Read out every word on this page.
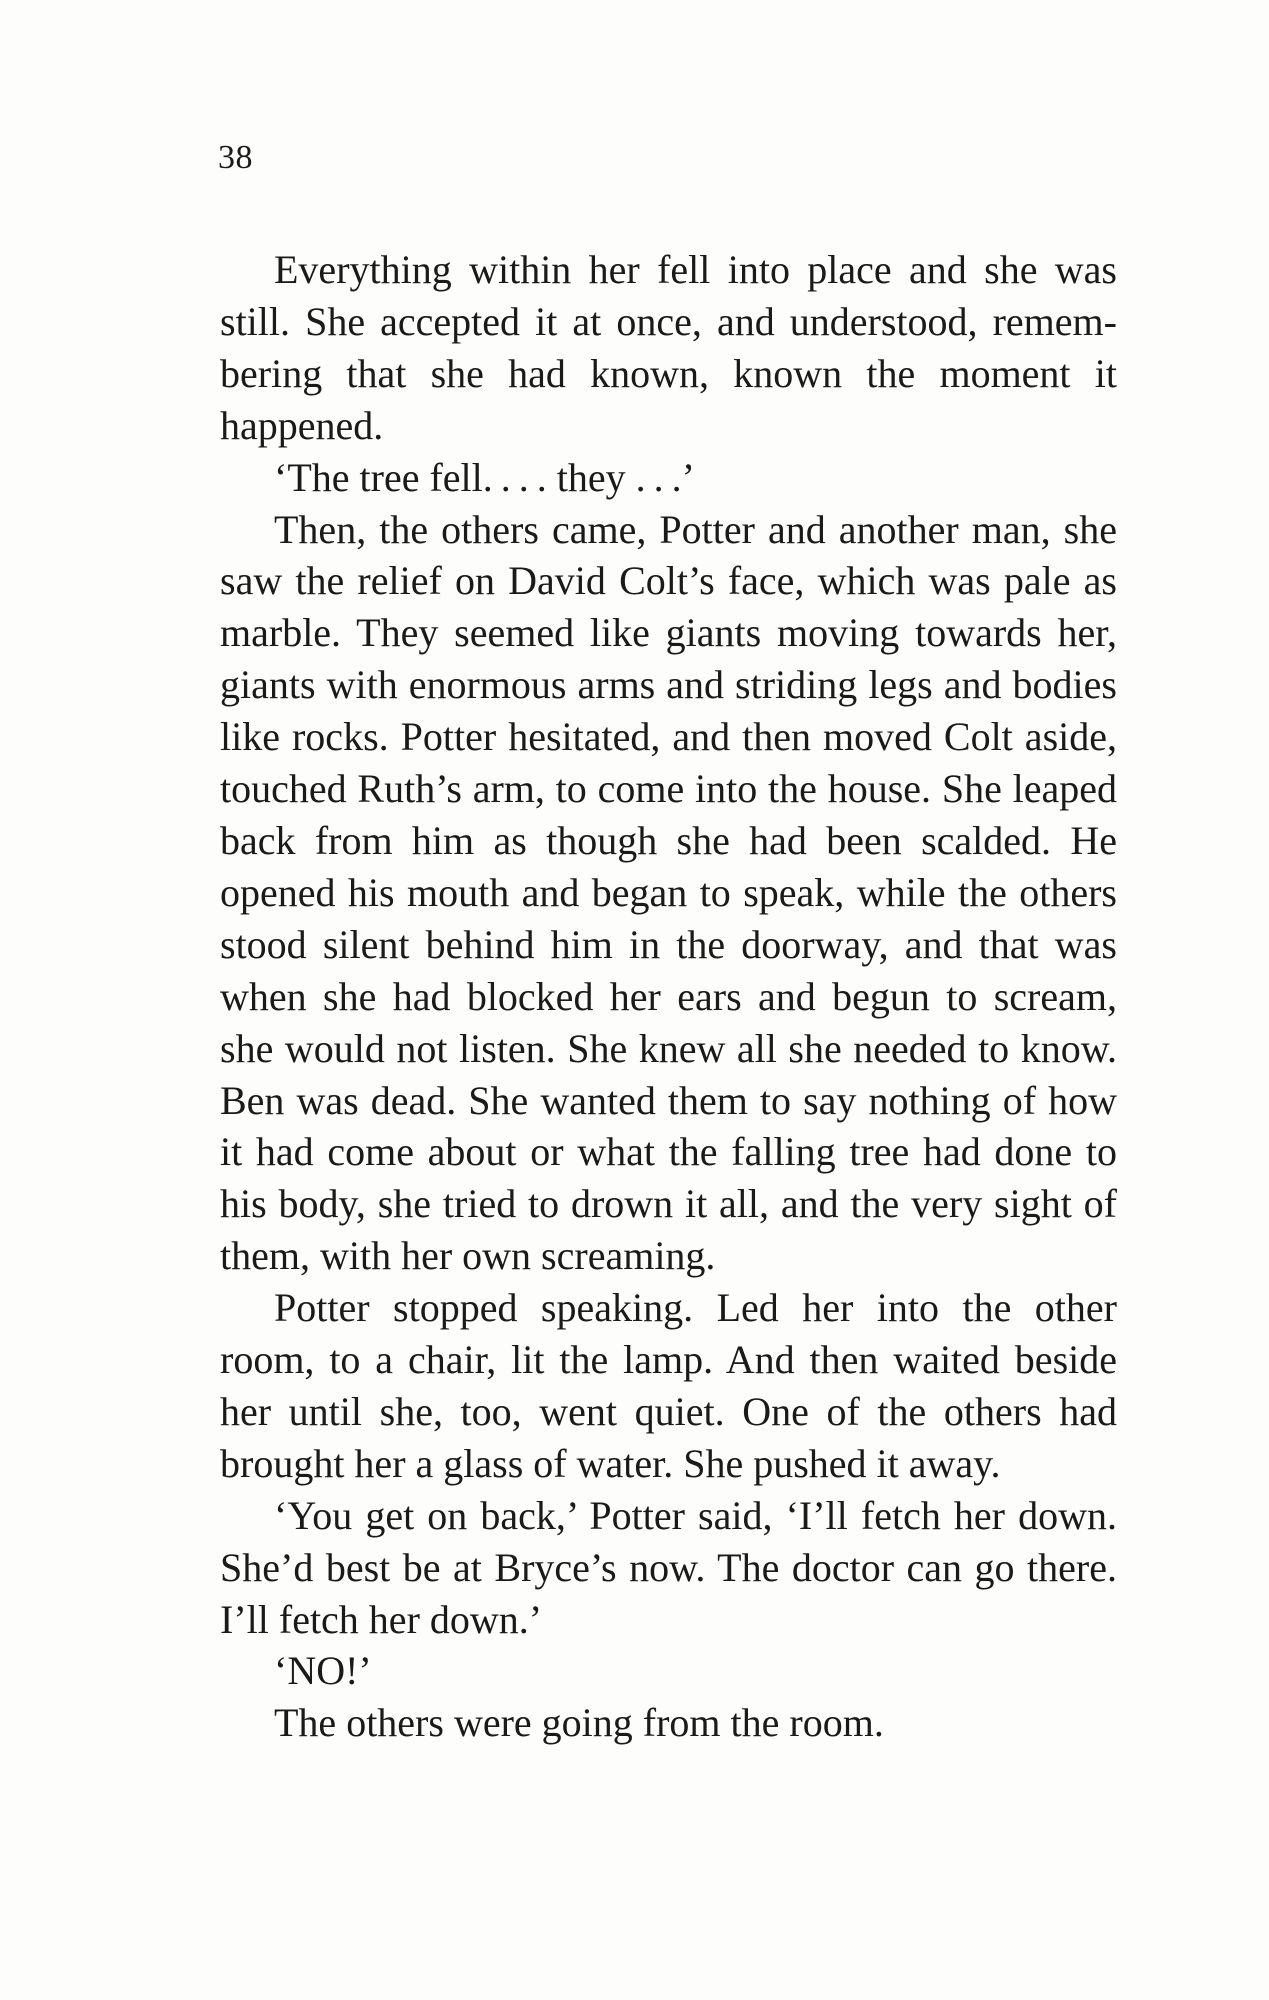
38

Everything within her fell into place and she was still. She accepted it at once, and understood, remembering that she had known, known the moment it happened.

‘The tree fell. . . . they . . .’

Then, the others came, Potter and another man, she saw the relief on David Colt’s face, which was pale as marble. They seemed like giants moving towards her, giants with enormous arms and striding legs and bodies like rocks. Potter hesitated, and then moved Colt aside, touched Ruth’s arm, to come into the house. She leaped back from him as though she had been scalded. He opened his mouth and began to speak, while the others stood silent behind him in the doorway, and that was when she had blocked her ears and begun to scream, she would not listen. She knew all she needed to know. Ben was dead. She wanted them to say nothing of how it had come about or what the falling tree had done to his body, she tried to drown it all, and the very sight of them, with her own screaming.

Potter stopped speaking. Led her into the other room, to a chair, lit the lamp. And then waited beside her until she, too, went quiet. One of the others had brought her a glass of water. She pushed it away.

‘You get on back,’ Potter said, ‘I’ll fetch her down. She’d best be at Bryce’s now. The doctor can go there. I’ll fetch her down.’

‘NO!’

The others were going from the room.
